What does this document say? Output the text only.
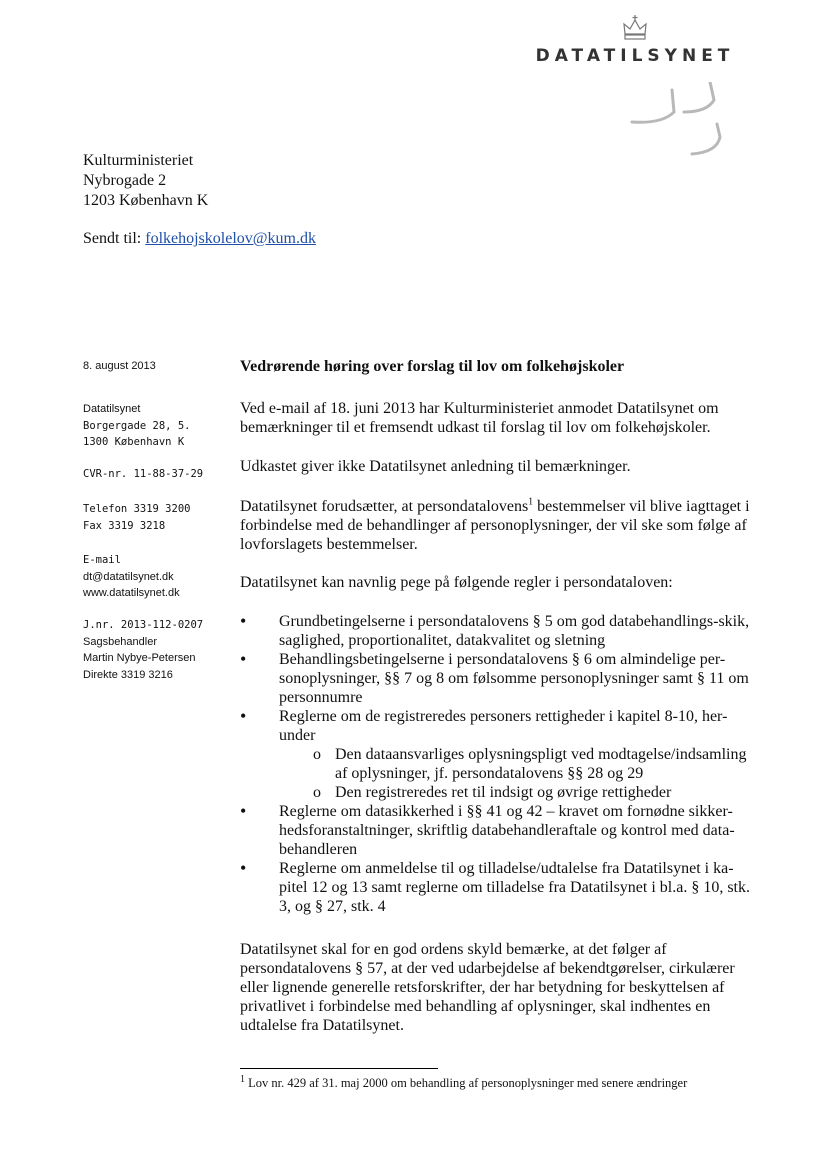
DATATILSYNET
Kulturministeriet
Nybrogade 2
1203 København K
Sendt til: folkehojskolelov@kum.dk
8. august 2013
Datatilsynet
Borgergade 28, 5.
1300 København K
CVR-nr. 11-88-37-29
Telefon 3319 3200
Fax 3319 3218
E-mail
dt@datatilsynet.dk
www.datatilsynet.dk
J.nr. 2013-112-0207
Sagsbehandler
Martin Nybye-Petersen
Direkte 3319 3216
Vedrørende høring over forslag til lov om folkehøjskoler

Ved e-mail af 18. juni 2013 har Kulturministeriet anmodet Datatilsynet om bemærkninger til et fremsendt udkast til forslag til lov om folkehøjskoler.

Udkastet giver ikke Datatilsynet anledning til bemærkninger.

Datatilsynet forudsætter, at persondatalovens$^1$ bestemmelser vil blive iagttaget i forbindelse med de behandlinger af personoplysninger, der vil ske som følge af lovforslagets bestemmelser.

Datatilsynet kan navnlig pege på følgende regler i persondataloven:

• Grundbetingelserne i persondatalovens § 5 om god databehandlings-skik, saglighed, proportionalitet, datakvalitet og sletning
• Behandlingsbetingelserne i persondatalovens § 6 om almindelige per-sonoplysninger, §§ 7 og 8 om følsomme personoplysninger samt § 11 om personnumre
• Reglerne om de registreredes personers rettigheder i kapitel 8-10, her-under
o Den dataansvarliges oplysningspligt ved modtagelse/indsamling af oplysninger, jf. persondatalovens §§ 28 og 29
o Den registreredes ret til indsigt og øvrige rettigheder
• Reglerne om datasikkerhed i §§ 41 og 42 – kravet om fornødne sikker-hedsforanstaltninger, skriftlig databehandleraftale og kontrol med data-behandleren
• Reglerne om anmeldelse til og tilladelse/udtalelse fra Datatilsynet i ka-pitel 12 og 13 samt reglerne om tilladelse fra Datatilsynet i bl.a. § 10, stk. 3, og § 27, stk. 4

Datatilsynet skal for en god ordens skyld bemærke, at det følger af persondatalovens § 57, at der ved udarbejdelse af bekendtgørelser, cirkulærer eller lignende generelle retsforskrifter, der har betydning for beskyttelsen af privatlivet i forbindelse med behandling af oplysninger, skal indhentes en udtalelse fra Datatilsynet.

$^1$ Lov nr. 429 af 31. maj 2000 om behandling af personoplysninger med senere ændringer
